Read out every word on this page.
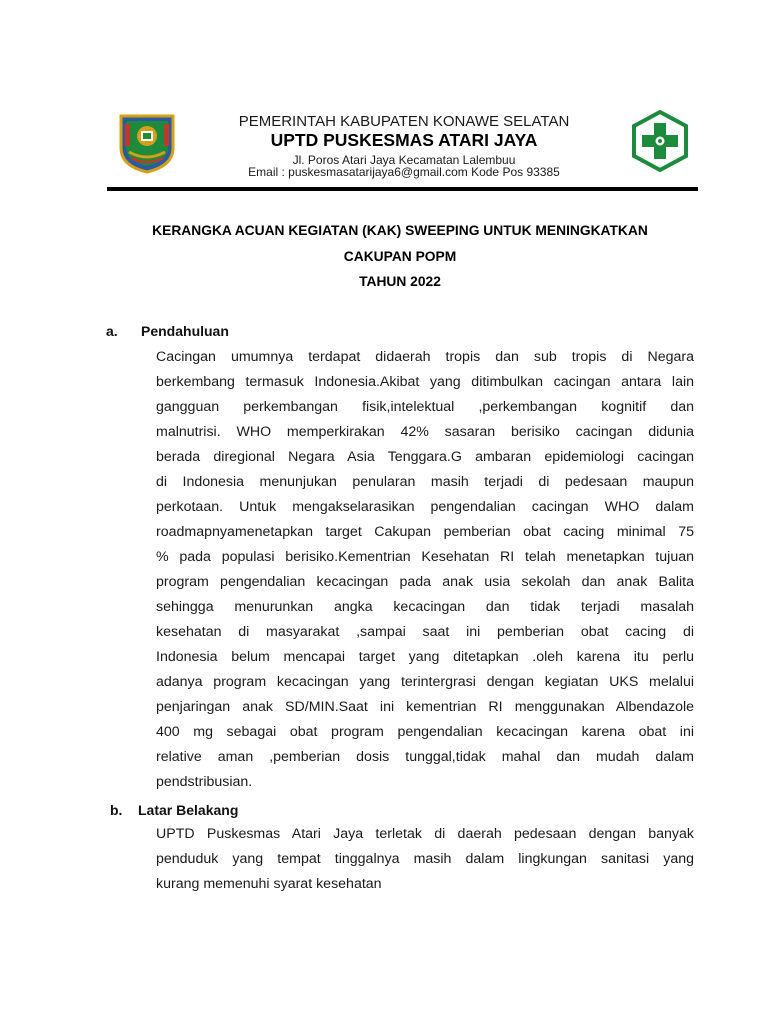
PEMERINTAH KABUPATEN KONAWE SELATAN
UPTD PUSKESMAS ATARI JAYA
Jl. Poros Atari Jaya Kecamatan Lalembuu
Email : puskesmasatarijaya6@gmail.com Kode Pos 93385
KERANGKA ACUAN KEGIATAN (KAK) SWEEPING UNTUK MENINGKATKAN
CAKUPAN POPM
TAHUN 2022
a. Pendahuluan
Cacingan umumnya terdapat didaerah tropis dan sub tropis di Negara
berkembang termasuk Indonesia.Akibat yang ditimbulkan cacingan antara lain
gangguan perkembangan fisik,intelektual ,perkembangan kognitif dan
malnutrisi. WHO memperkirakan 42% sasaran berisiko cacingan didunia
berada diregional Negara Asia Tenggara.G ambaran epidemiologi cacingan
di Indonesia menunjukan penularan masih terjadi di pedesaan maupun
perkotaan. Untuk mengakselarasikan pengendalian cacingan WHO dalam
roadmapnyamenetapkan target Cakupan pemberian obat cacing minimal 75
% pada populasi berisiko.Kementrian Kesehatan RI telah menetapkan tujuan
program pengendalian kecacingan pada anak usia sekolah dan anak Balita
sehingga menurunkan angka kecacingan dan tidak terjadi masalah
kesehatan di masyarakat ,sampai saat ini pemberian obat cacing di
Indonesia belum mencapai target yang ditetapkan .oleh karena itu perlu
adanya program kecacingan yang terintergrasi dengan kegiatan UKS melalui
penjaringan anak SD/MIN.Saat ini kementrian RI menggunakan Albendazole
400 mg sebagai obat program pengendalian kecacingan karena obat ini
relative aman ,pemberian dosis tunggal,tidak mahal dan mudah dalam
pendstribusian.
b. Latar Belakang
UPTD Puskesmas Atari Jaya terletak di daerah pedesaan dengan banyak
penduduk yang tempat tinggalnya masih dalam lingkungan sanitasi yang
kurang memenuhi syarat kesehatan
